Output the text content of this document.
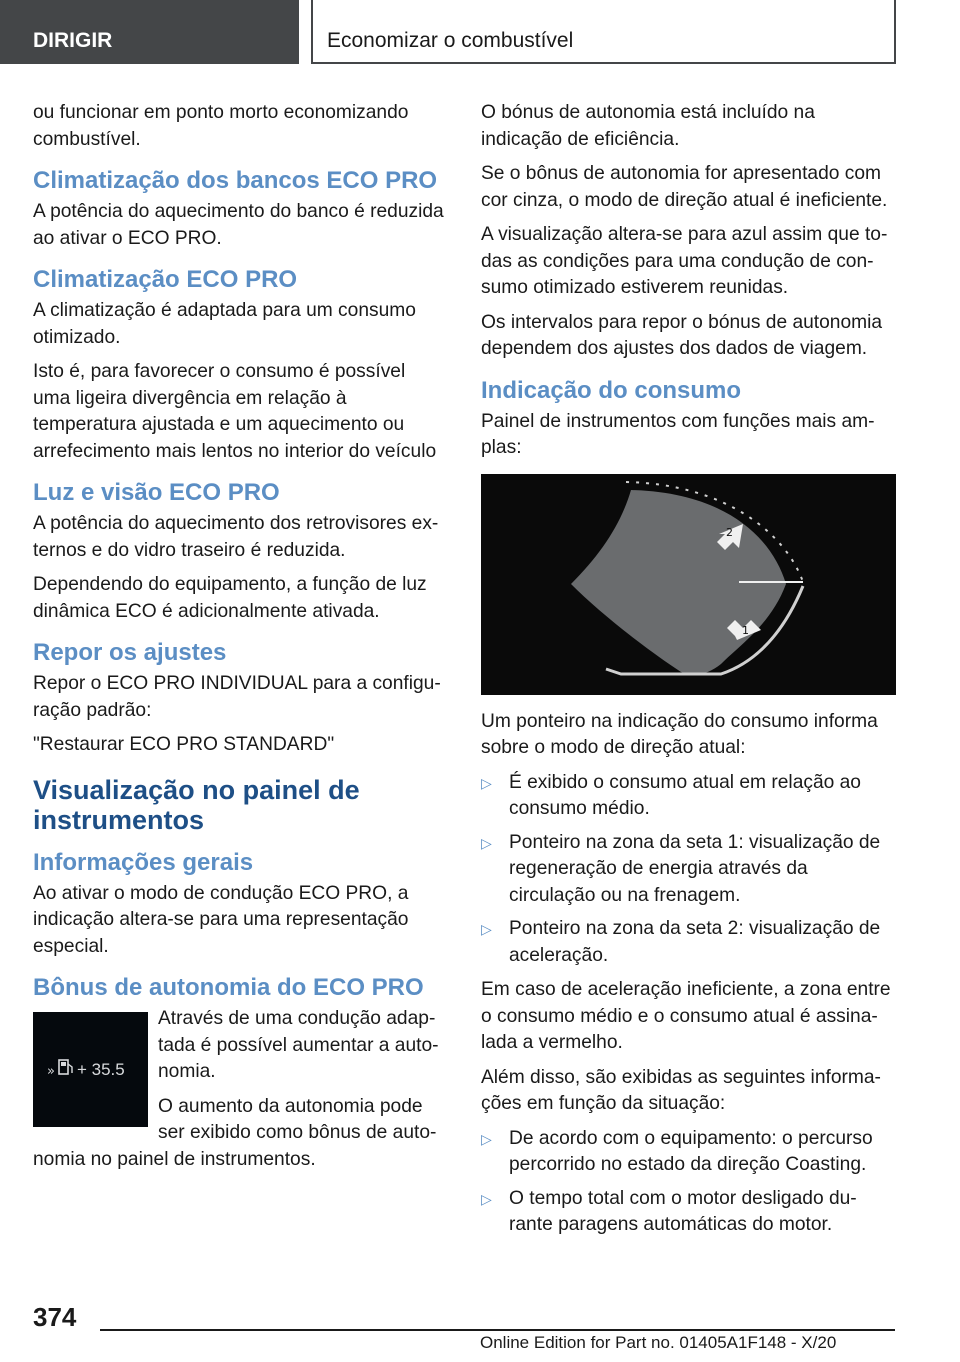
DIRIGIR	Economizar o combustível

ou funcionar em ponto morto economizando combustível.

Climatização dos bancos ECO PRO

A potência do aquecimento do banco é reduzida ao ativar o ECO PRO.

Climatização ECO PRO

A climatização é adaptada para um consumo otimizado.

Isto é, para favorecer o consumo é possível uma ligeira divergência em relação à temperatura ajustada e um aquecimento ou arrefecimento mais lentos no interior do veículo

Luz e visão ECO PRO

A potência do aquecimento dos retrovisores externos e do vidro traseiro é reduzida.

Dependendo do equipamento, a função de luz dinâmica ECO é adicionalmente ativada.

Repor os ajustes

Repor o ECO PRO INDIVIDUAL para a configuração padrão:

"Restaurar ECO PRO STANDARD"

Visualização no painel de instrumentos
Informações gerais

Ao ativar o modo de condução ECO PRO, a indicação altera-se para uma representação especial.

Bônus de autonomia do ECO PRO
» + 35.5

Através de uma condução adaptada é possível aumentar a autonomia.

O aumento da autonomia pode ser exibido como bônus de autonomia no painel de instrumentos.

O bónus de autonomia está incluído na indicação de eficiência.

Se o bônus de autonomia for apresentado com cor cinza, o modo de direção atual é ineficiente.

A visualização altera-se para azul assim que todas as condições para uma condução de consumo otimizado estiverem reunidas.

Os intervalos para repor o bónus de autonomia dependem dos ajustes dos dados de viagem.

Indicação do consumo

Painel de instrumentos com funções mais amplas:

2
1

Um ponteiro na indicação do consumo informa sobre o modo de direção atual:

▷ É exibido o consumo atual em relação ao consumo médio.
▷ Ponteiro na zona da seta 1: visualização de regeneração de energia através da circulação ou na frenagem.
▷ Ponteiro na zona da seta 2: visualização de aceleração.

Em caso de aceleração ineficiente, a zona entre o consumo médio e o consumo atual é assinalada a vermelho.

Além disso, são exibidas as seguintes informações em função da situação:

▷ De acordo com o equipamento: o percurso percorrido no estado da direção Coasting.
▷ O tempo total com o motor desligado durante paragens automáticas do motor.
374
Online Edition for Part no. 01405A1F148 - X/20
